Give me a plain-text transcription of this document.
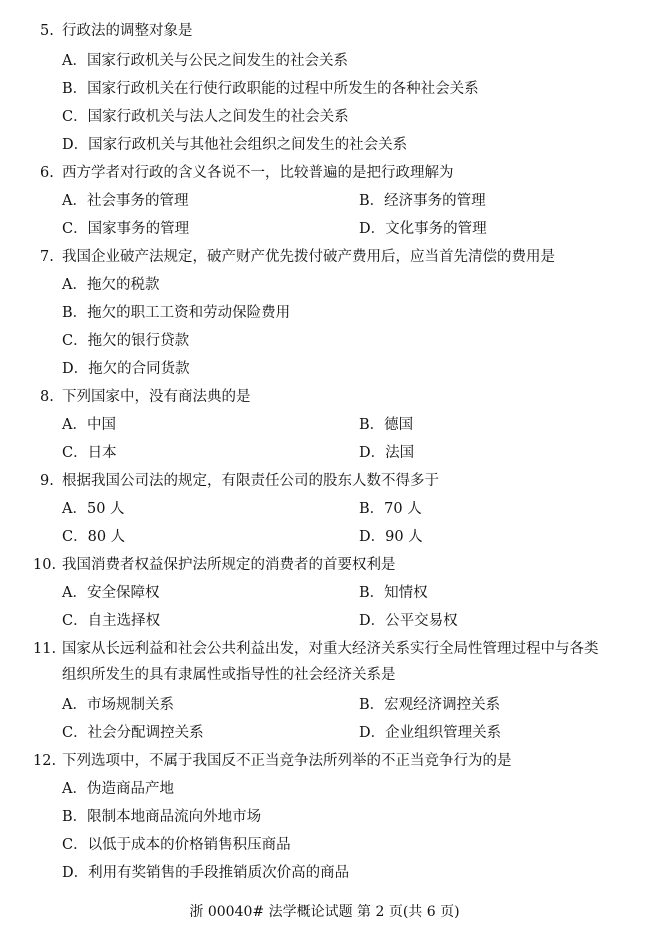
5. 行政法的调整对象是
A．国家行政机关与公民之间发生的社会关系
B．国家行政机关在行使行政职能的过程中所发生的各种社会关系
C．国家行政机关与法人之间发生的社会关系
D．国家行政机关与其他社会组织之间发生的社会关系
6. 西方学者对行政的含义各说不一，比较普遍的是把行政理解为
A．社会事务的管理	B．经济事务的管理
C．国家事务的管理	D．文化事务的管理
7. 我国企业破产法规定，破产财产优先拨付破产费用后，应当首先清偿的费用是
A．拖欠的税款
B．拖欠的职工工资和劳动保险费用
C．拖欠的银行贷款
D．拖欠的合同货款
8. 下列国家中，没有商法典的是
A．中国	B．德国
C．日本	D．法国
9. 根据我国公司法的规定，有限责任公司的股东人数不得多于
A．50 人	B．70 人
C．80 人	D．90 人
10. 我国消费者权益保护法所规定的消费者的首要权利是
A．安全保障权	B．知情权
C．自主选择权	D．公平交易权
11. 国家从长远利益和社会公共利益出发，对重大经济关系实行全局性管理过程中与各类
组织所发生的具有隶属性或指导性的社会经济关系是
A．市场规制关系	B．宏观经济调控关系
C．社会分配调控关系	D．企业组织管理关系
12. 下列选项中，不属于我国反不正当竞争法所列举的不正当竞争行为的是
A．伪造商品产地
B．限制本地商品流向外地市场
C．以低于成本的价格销售积压商品
D．利用有奖销售的手段推销质次价高的商品
浙 00040# 法学概论试题 第 2 页(共 6 页)
